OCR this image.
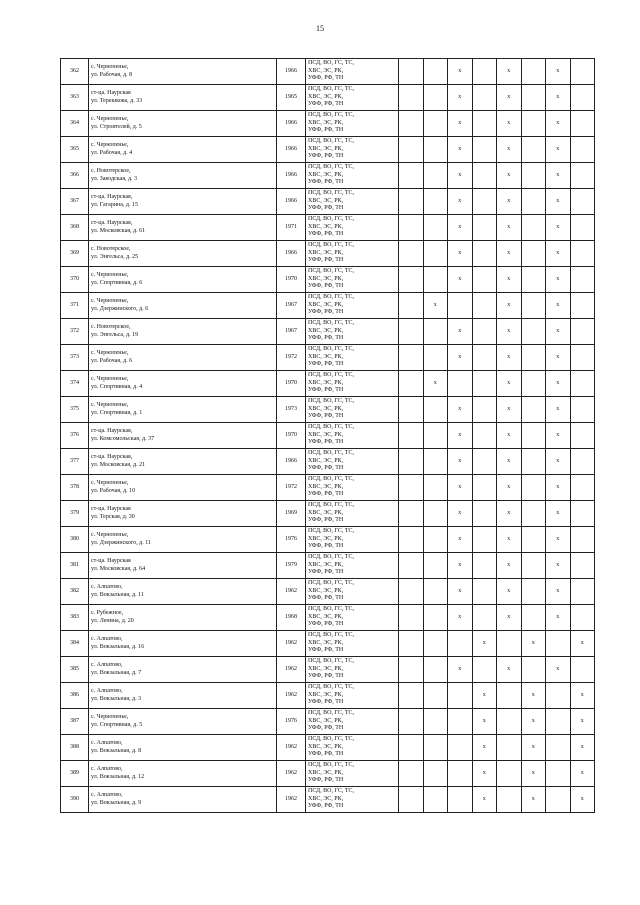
15
362	с. Чернопенье,
ул. Рабочая, д. 8	1966	ПСД, ВО, ГС, ТС,
ХВС, ЭС, РК,
УФФ, РФ, ТН			x		x		x	
363	ст-ца. Наурская
ул. Терешкова, д. 33	1965	ПСД, ВО, ГС, ТС,
ХВС, ЭС, РК,
УФФ, РФ, ТН			x		x		x	
364	с. Чернопенье,
ул. Строителей, д. 5	1966	ПСД, ВО, ГС, ТС,
ХВС, ЭС, РК,
УФФ, РФ, ТН			x		x		x	
365	с. Чернопенье,
ул. Рабочая, д. 4	1966	ПСД, ВО, ГС, ТС,
ХВС, ЭС, РК,
УФФ, РФ, ТН			x		x		x	
366	с. Новотерское,
ул. Заводская, д. 3	1966	ПСД, ВО, ГС, ТС,
ХВС, ЭС, РК,
УФФ, РФ, ТН			x		x		x	
367	ст-ца. Наурская,
ул. Гагарина, д. 15	1966	ПСД, ВО, ГС, ТС,
ХВС, ЭС, РК,
УФФ, РФ, ТН			x		x		x	
368	ст-ца. Наурская,
ул. Московская, д. 61	1971	ПСД, ВО, ГС, ТС,
ХВС, ЭС, РК,
УФФ, РФ, ТН			x		x		x	
369	с. Новотерское,
ул. Энгельса, д. 25	1966	ПСД, ВО, ГС, ТС,
ХВС, ЭС, РК,
УФФ, РФ, ТН			x		x		x	
370	с. Чернопенье,
ул. Спортивная, д. 6	1970	ПСД, ВО, ГС, ТС,
ХВС, ЭС, РК,
УФФ, РФ, ТН			x		x		x	
371	с. Чернопенье,
ул. Дзержинского, д. 6	1967	ПСД, ВО, ГС, ТС,
ХВС, ЭС, РК,
УФФ, РФ, ТН		x			x		x	
372	с. Новотерское,
ул. Энгельса, д. 19	1967	ПСД, ВО, ГС, ТС,
ХВС, ЭС, РК,
УФФ, РФ, ТН			x		x		x	
373	с. Чернопенье,
ул. Рабочая, д. 6	1972	ПСД, ВО, ГС, ТС,
ХВС, ЭС, РК,
УФФ, РФ, ТН			x		x		x	
374	с. Чернопенье,
ул. Спортивная, д. 4	1970	ПСД, ВО, ГС, ТС,
ХВС, ЭС, РК,
УФФ, РФ, ТН		x			x		x	
375	с. Чернопенье,
ул. Спортивная, д. 1	1973	ПСД, ВО, ГС, ТС,
ХВС, ЭС, РК,
УФФ, РФ, ТН			x		x		x	
376	ст-ца. Наурская,
ул. Комсомольская, д. 37	1970	ПСД, ВО, ГС, ТС,
ХВС, ЭС, РК,
УФФ, РФ, ТН			x		x		x	
377	ст-ца. Наурская,
ул. Московская, д. 21	1966	ПСД, ВО, ГС, ТС,
ХВС, ЭС, РК,
УФФ, РФ, ТН			x		x		x	
378	с. Чернопенье,
ул. Рабочая, д. 10	1972	ПСД, ВО, ГС, ТС,
ХВС, ЭС, РК,
УФФ, РФ, ТН			x		x		x	
379	ст-ца. Наурская
ул. Терская, д. 30	1969	ПСД, ВО, ГС, ТС,
ХВС, ЭС, РК,
УФФ, РФ, ТН			x		x		x	
380	с. Чернопенье,
ул. Дзержинского, д. 11	1976	ПСД, ВО, ГС, ТС,
ХВС, ЭС, РК,
УФФ, РФ, ТН			x		x		x	
381	ст-ца. Наурская
ул. Московская, д. 64	1979	ПСД, ВО, ГС, ТС,
ХВС, ЭС, РК,
УФФ, РФ, ТН			x		x		x	
382	с. Алпатово,
ул. Вокзальная, д. 11	1962	ПСД, ВО, ГС, ТС,
ХВС, ЭС, РК,
УФФ, РФ, ТН			x		x		x	
383	с. Рубежное,
ул. Ленина, д. 20	1968	ПСД, ВО, ГС, ТС,
ХВС, ЭС, РК,
УФФ, РФ, ТН			x		x		x	
384	с. Алпатово,
ул. Вокзальная, д. 16	1962	ПСД, ВО, ГС, ТС,
ХВС, ЭС, РК,
УФФ, РФ, ТН				x		x		x
385	с. Алпатово,
ул. Вокзальная, д. 7	1962	ПСД, ВО, ГС, ТС,
ХВС, ЭС, РК,
УФФ, РФ, ТН			x		x		x	
386	с. Алпатово,
ул. Вокзальная, д. 3	1962	ПСД, ВО, ГС, ТС,
ХВС, ЭС, РК,
УФФ, РФ, ТН				x		x		x
387	с. Чернопенье,
ул. Спортивная, д. 5	1976	ПСД, ВО, ГС, ТС,
ХВС, ЭС, РК,
УФФ, РФ, ТН				x		x		x
388	с. Алпатово,
ул. Вокзальная, д. 8	1962	ПСД, ВО, ГС, ТС,
ХВС, ЭС, РК,
УФФ, РФ, ТН				x		x		x
389	с. Алпатово,
ул. Вокзальная, д. 12	1962	ПСД, ВО, ГС, ТС,
ХВС, ЭС, РК,
УФФ, РФ, ТН				x		x		x
390	с. Алпатово,
ул. Вокзальная, д. 9	1962	ПСД, ВО, ГС, ТС,
ХВС, ЭС, РК,
УФФ, РФ, ТН				x		x		x
